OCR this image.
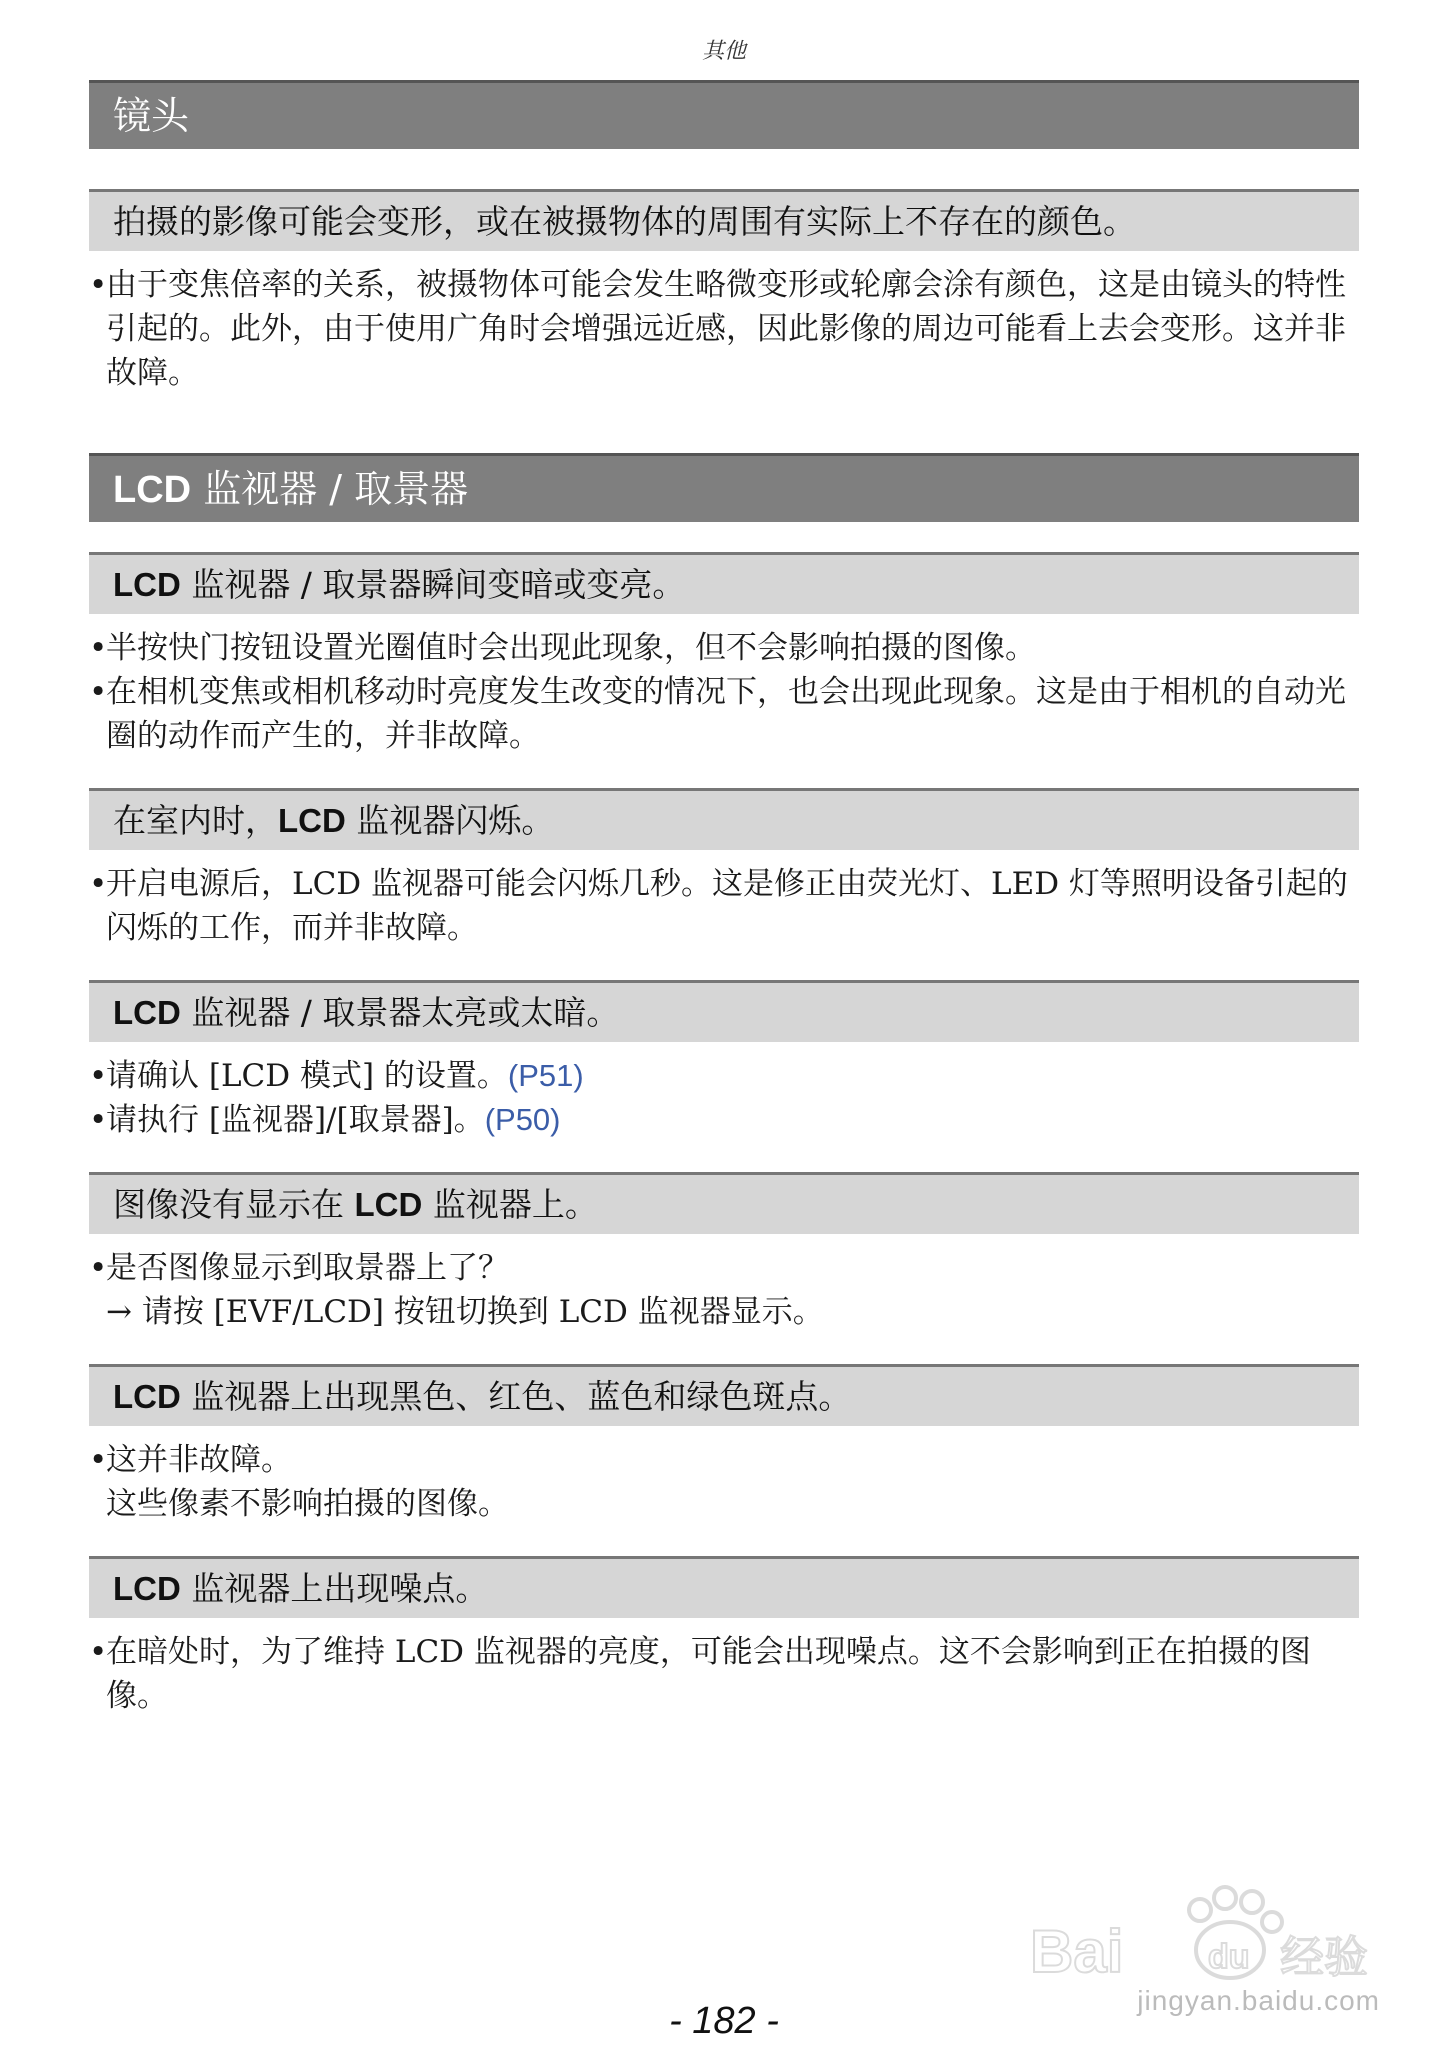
其他
镜头
拍摄的影像可能会变形，或在被摄物体的周围有实际上不存在的颜色。
• 由于变焦倍率的关系，被摄物体可能会发生略微变形或轮廓会涂有颜色，这是由镜头的特性引起的。此外，由于使用广角时会增强远近感，因此影像的周边可能看上去会变形。这并非故障。
LCD 监视器 / 取景器
LCD 监视器 / 取景器瞬间变暗或变亮。
• 半按快门按钮设置光圈值时会出现此现象，但不会影响拍摄的图像。
• 在相机变焦或相机移动时亮度发生改变的情况下，也会出现此现象。这是由于相机的自动光圈的动作而产生的，并非故障。
在室内时，LCD 监视器闪烁。
• 开启电源后，LCD 监视器可能会闪烁几秒。这是修正由荧光灯、LED 灯等照明设备引起的闪烁的工作，而并非故障。
LCD 监视器 / 取景器太亮或太暗。
• 请确认 [LCD 模式] 的设置。(P51)
• 请执行 [监视器]/[取景器]。(P50)
图像没有显示在 LCD 监视器上。
• 是否图像显示到取景器上了？
→ 请按 [EVF/LCD] 按钮切换到 LCD 监视器显示。
LCD 监视器上出现黑色、红色、蓝色和绿色斑点。
• 这并非故障。
这些像素不影响拍摄的图像。
LCD 监视器上出现噪点。
• 在暗处时，为了维持 LCD 监视器的亮度，可能会出现噪点。这不会影响到正在拍摄的图像。
Bai du 经验
jingyan.baidu.com
- 182 -
